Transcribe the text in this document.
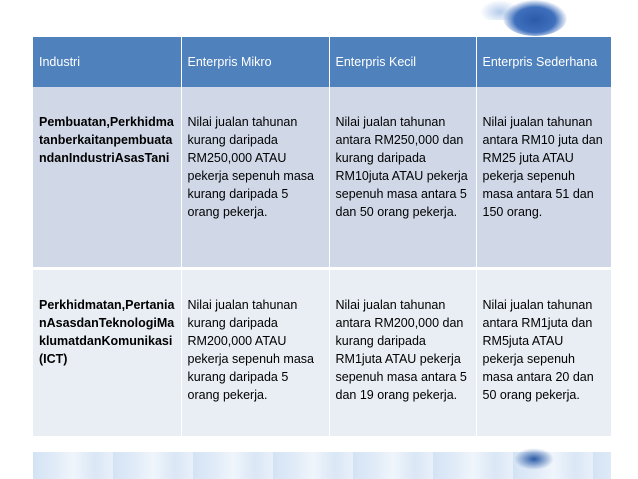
Industri	Enterpris Mikro	Enterpris Kecil	Enterpris Sederhana
Pembuatan,PerkhidmatanberkaitanpembuatandanIndustriAsasTani	Nilai jualan tahunan kurang daripada RM250,000 ATAU pekerja sepenuh masa kurang daripada 5 orang pekerja.	Nilai jualan tahunan antara RM250,000 dan kurang daripada RM10juta ATAU pekerja sepenuh masa antara 5 dan 50 orang pekerja.	Nilai jualan tahunan antara RM10 juta dan RM25 juta ATAU pekerja sepenuh masa antara 51 dan 150 orang.
Perkhidmatan,PertanianAsasdanTeknologiMaklumatdanKomunikasi(ICT)	Nilai jualan tahunan kurang daripada RM200,000 ATAU pekerja sepenuh masa kurang daripada 5 orang pekerja.	Nilai jualan tahunan antara RM200,000 dan kurang daripada RM1juta ATAU pekerja sepenuh masa antara 5 dan 19 orang pekerja.	Nilai jualan tahunan antara RM1juta dan RM5juta ATAU pekerja sepenuh masa antara 20 dan 50 orang pekerja.
